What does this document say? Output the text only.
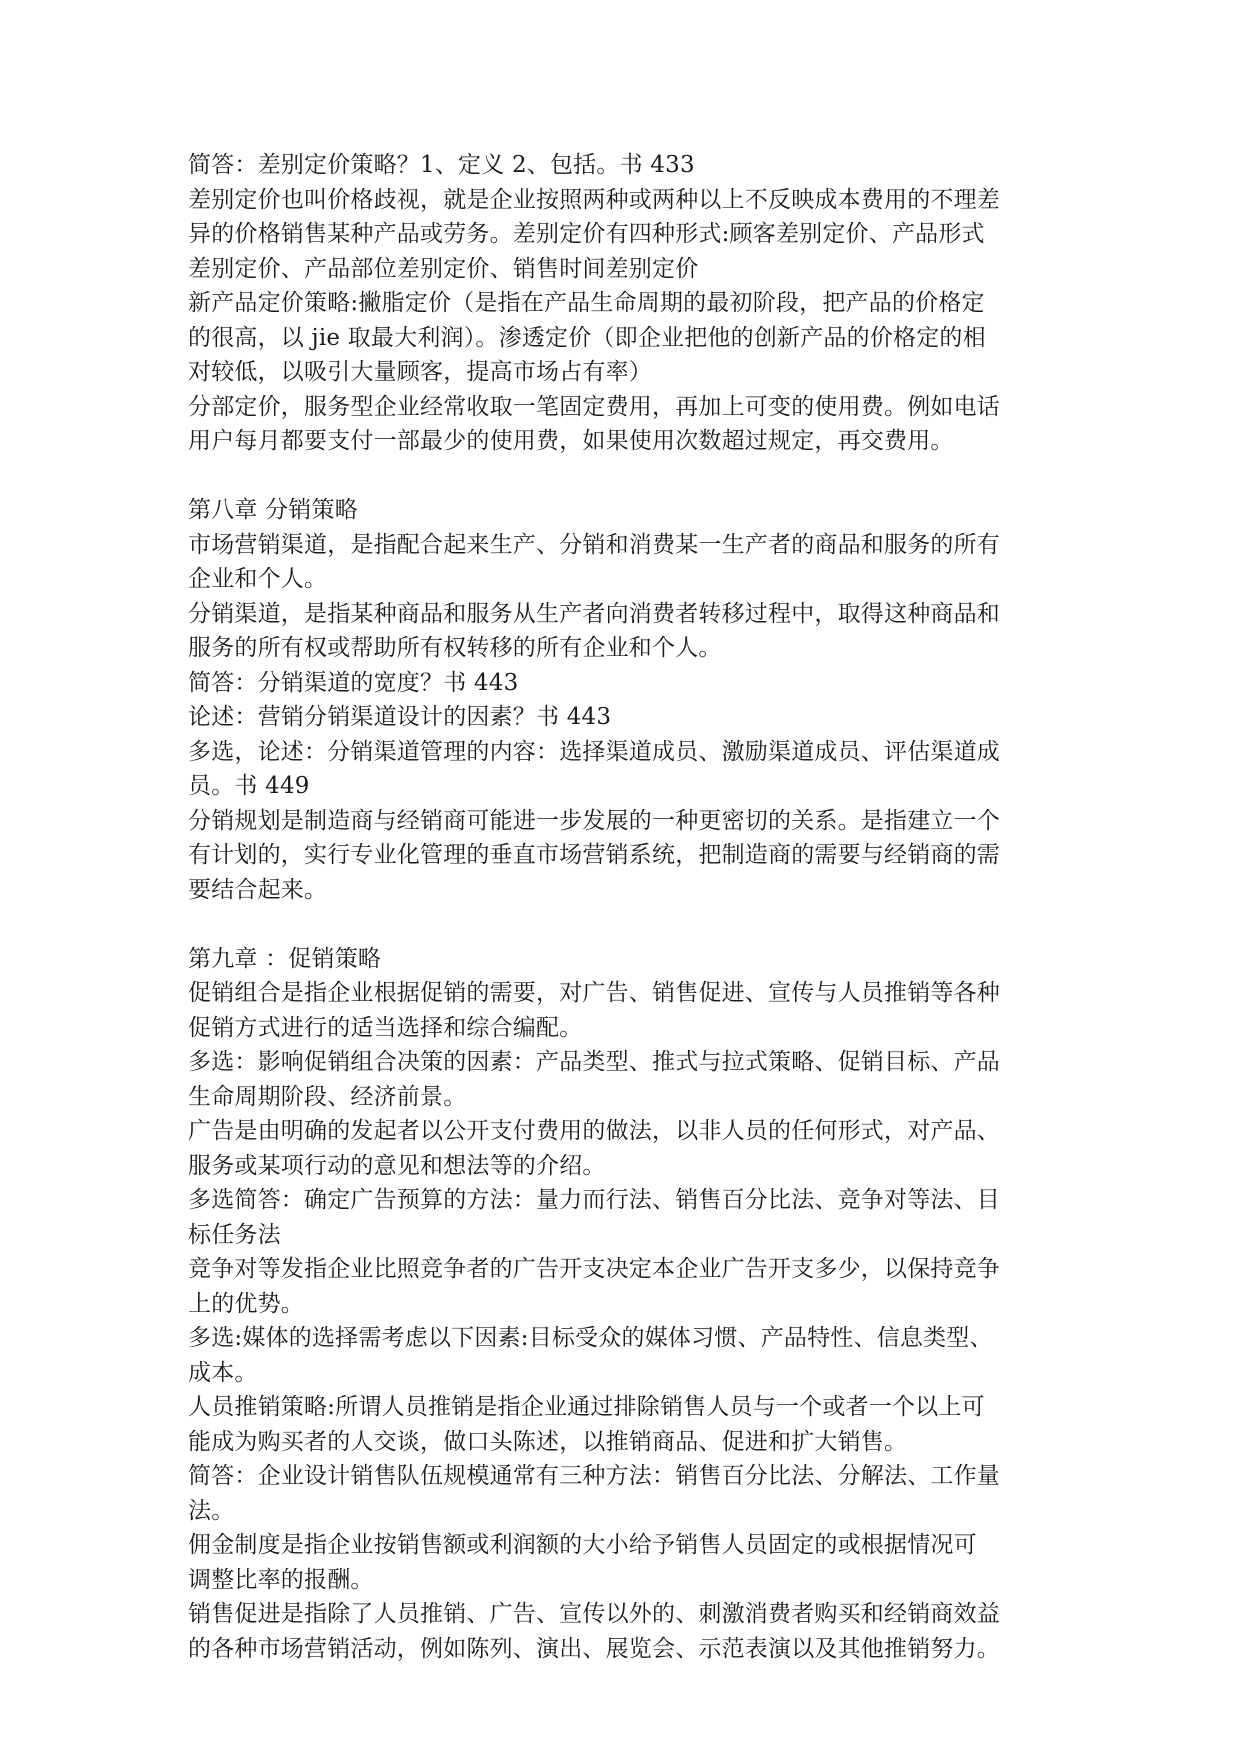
简答：差别定价策略？1、定义 2、包括。书 433
差别定价也叫价格歧视，就是企业按照两种或两种以上不反映成本费用的不理差
异的价格销售某种产品或劳务。差别定价有四种形式:顾客差别定价、产品形式
差别定价、产品部位差别定价、销售时间差别定价
新产品定价策略:撇脂定价（是指在产品生命周期的最初阶段，把产品的价格定
的很高，以 jie 取最大利润）。渗透定价（即企业把他的创新产品的价格定的相
对较低，以吸引大量顾客，提高市场占有率）
分部定价，服务型企业经常收取一笔固定费用，再加上可变的使用费。例如电话
用户每月都要支付一部最少的使用费，如果使用次数超过规定，再交费用。
第八章 分销策略
市场营销渠道，是指配合起来生产、分销和消费某一生产者的商品和服务的所有
企业和个人。
分销渠道，是指某种商品和服务从生产者向消费者转移过程中，取得这种商品和
服务的所有权或帮助所有权转移的所有企业和个人。
简答：分销渠道的宽度？书 443
论述：营销分销渠道设计的因素？书 443
多选，论述：分销渠道管理的内容：选择渠道成员、激励渠道成员、评估渠道成
员。书 449
分销规划是制造商与经销商可能进一步发展的一种更密切的关系。是指建立一个
有计划的，实行专业化管理的垂直市场营销系统，把制造商的需要与经销商的需
要结合起来。
第九章 ：促销策略
促销组合是指企业根据促销的需要，对广告、销售促进、宣传与人员推销等各种
促销方式进行的适当选择和综合编配。
多选：影响促销组合决策的因素：产品类型、推式与拉式策略、促销目标、产品
生命周期阶段、经济前景。
广告是由明确的发起者以公开支付费用的做法，以非人员的任何形式，对产品、
服务或某项行动的意见和想法等的介绍。
多选简答：确定广告预算的方法：量力而行法、销售百分比法、竞争对等法、目
标任务法
竞争对等发指企业比照竞争者的广告开支决定本企业广告开支多少，以保持竞争
上的优势。
多选:媒体的选择需考虑以下因素:目标受众的媒体习惯、产品特性、信息类型、
成本。
人员推销策略:所谓人员推销是指企业通过排除销售人员与一个或者一个以上可
能成为购买者的人交谈，做口头陈述，以推销商品、促进和扩大销售。
简答：企业设计销售队伍规模通常有三种方法：销售百分比法、分解法、工作量
法。
佣金制度是指企业按销售额或利润额的大小给予销售人员固定的或根据情况可
调整比率的报酬。
销售促进是指除了人员推销、广告、宣传以外的、刺激消费者购买和经销商效益
的各种市场营销活动，例如陈列、演出、展览会、示范表演以及其他推销努力。
